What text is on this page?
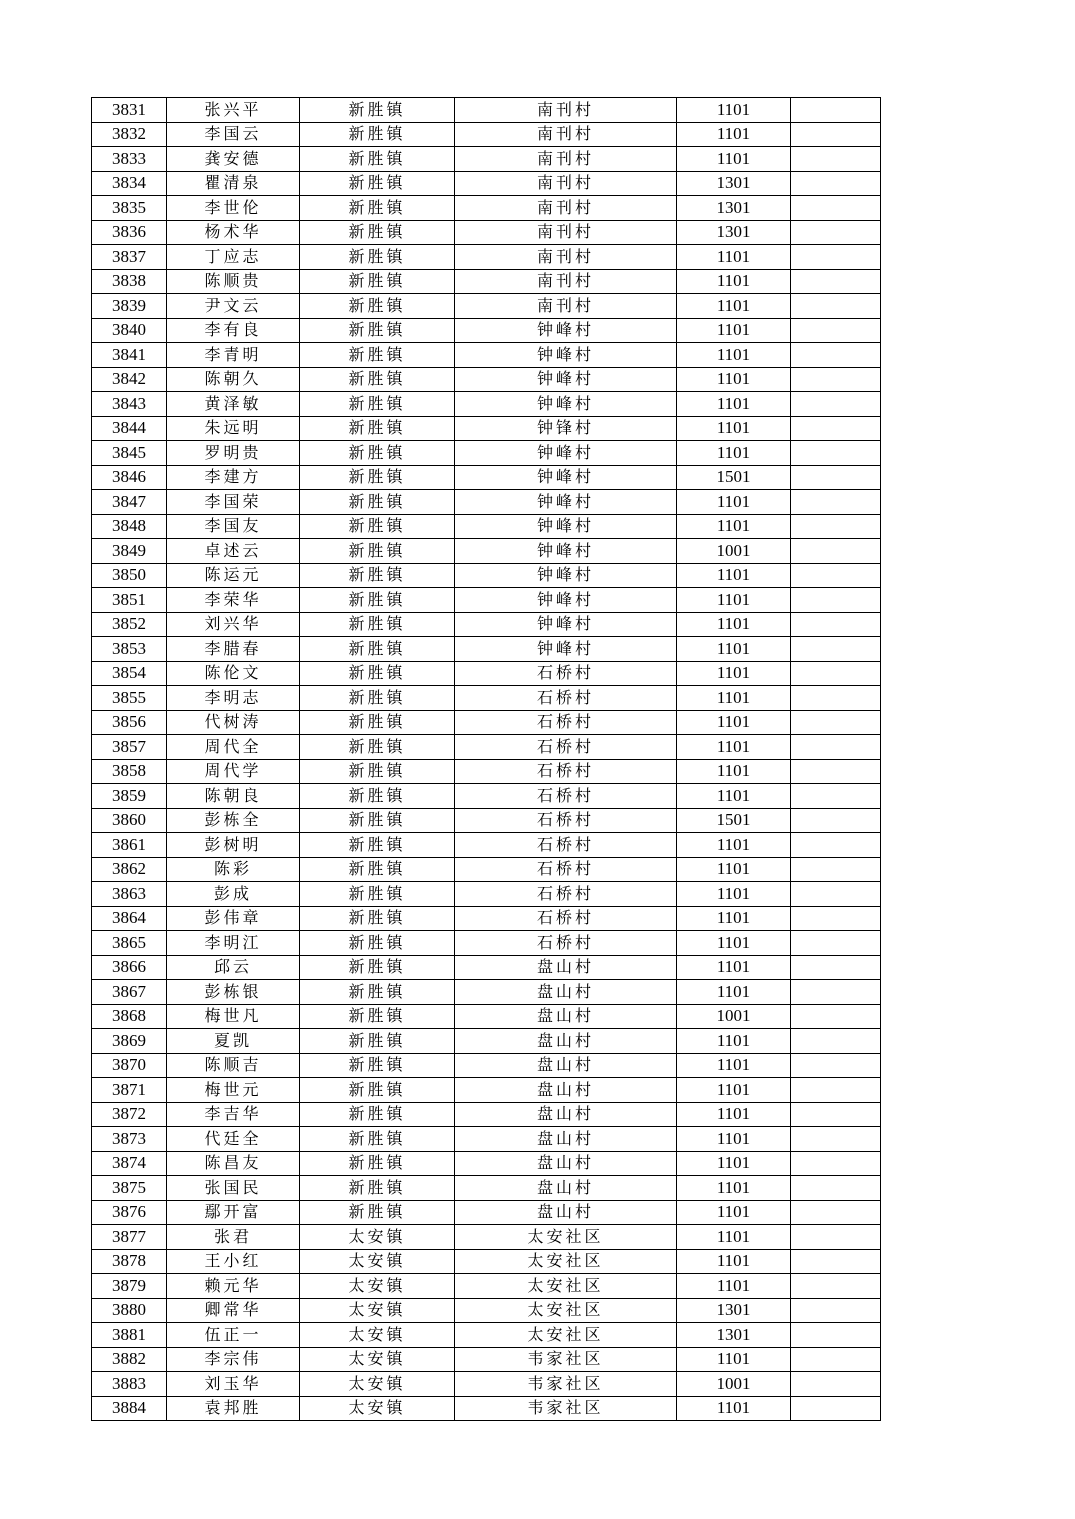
3831	张兴平	新胜镇	南刊村	1101	
3832	李国云	新胜镇	南刊村	1101	
3833	龚安德	新胜镇	南刊村	1101	
3834	瞿清泉	新胜镇	南刊村	1301	
3835	李世伦	新胜镇	南刊村	1301	
3836	杨术华	新胜镇	南刊村	1301	
3837	丁应志	新胜镇	南刊村	1101	
3838	陈顺贵	新胜镇	南刊村	1101	
3839	尹文云	新胜镇	南刊村	1101	
3840	李有良	新胜镇	钟峰村	1101	
3841	李青明	新胜镇	钟峰村	1101	
3842	陈朝久	新胜镇	钟峰村	1101	
3843	黄泽敏	新胜镇	钟峰村	1101	
3844	朱远明	新胜镇	钟锋村	1101	
3845	罗明贵	新胜镇	钟峰村	1101	
3846	李建方	新胜镇	钟峰村	1501	
3847	李国荣	新胜镇	钟峰村	1101	
3848	李国友	新胜镇	钟峰村	1101	
3849	卓述云	新胜镇	钟峰村	1001	
3850	陈运元	新胜镇	钟峰村	1101	
3851	李荣华	新胜镇	钟峰村	1101	
3852	刘兴华	新胜镇	钟峰村	1101	
3853	李腊春	新胜镇	钟峰村	1101	
3854	陈伦文	新胜镇	石桥村	1101	
3855	李明志	新胜镇	石桥村	1101	
3856	代树涛	新胜镇	石桥村	1101	
3857	周代全	新胜镇	石桥村	1101	
3858	周代学	新胜镇	石桥村	1101	
3859	陈朝良	新胜镇	石桥村	1101	
3860	彭栋全	新胜镇	石桥村	1501	
3861	彭树明	新胜镇	石桥村	1101	
3862	陈彩	新胜镇	石桥村	1101	
3863	彭成	新胜镇	石桥村	1101	
3864	彭伟章	新胜镇	石桥村	1101	
3865	李明江	新胜镇	石桥村	1101	
3866	邱云	新胜镇	盘山村	1101	
3867	彭栋银	新胜镇	盘山村	1101	
3868	梅世凡	新胜镇	盘山村	1001	
3869	夏凯	新胜镇	盘山村	1101	
3870	陈顺吉	新胜镇	盘山村	1101	
3871	梅世元	新胜镇	盘山村	1101	
3872	李吉华	新胜镇	盘山村	1101	
3873	代廷全	新胜镇	盘山村	1101	
3874	陈昌友	新胜镇	盘山村	1101	
3875	张国民	新胜镇	盘山村	1101	
3876	鄢开富	新胜镇	盘山村	1101	
3877	张君	太安镇	太安社区	1101	
3878	王小红	太安镇	太安社区	1101	
3879	赖元华	太安镇	太安社区	1101	
3880	卿常华	太安镇	太安社区	1301	
3881	伍正一	太安镇	太安社区	1301	
3882	李宗伟	太安镇	韦家社区	1101	
3883	刘玉华	太安镇	韦家社区	1001	
3884	袁邦胜	太安镇	韦家社区	1101	
